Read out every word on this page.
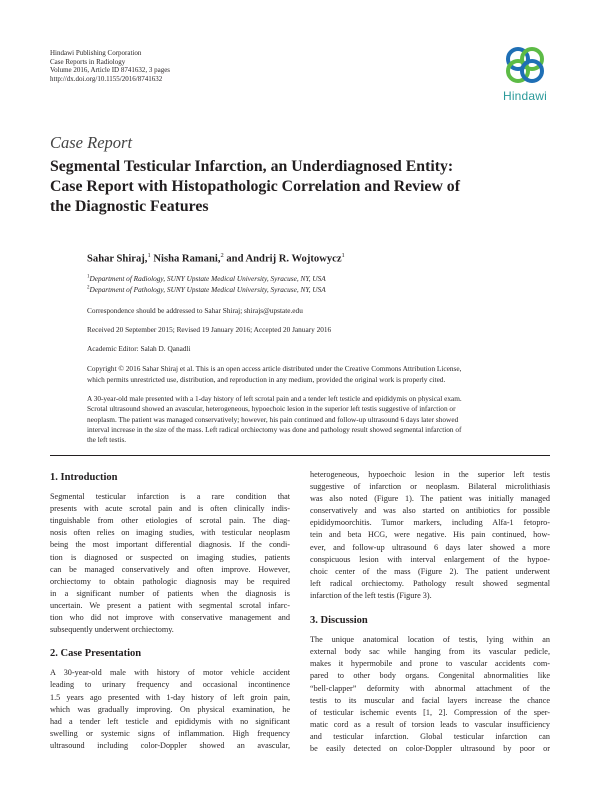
Hindawi Publishing Corporation
Case Reports in Radiology
Volume 2016, Article ID 8741632, 3 pages
http://dx.doi.org/10.1155/2016/8741632
Hindawi
Case Report
Segmental Testicular Infarction, an Underdiagnosed Entity:
Case Report with Histopathologic Correlation and Review of
the Diagnostic Features
Sahar Shiraj,$^1$ Nisha Ramani,$^2$ and Andrij R. Wojtowycz$^1$
$^1$Department of Radiology, SUNY Upstate Medical University, Syracuse, NY, USA
$^2$Department of Pathology, SUNY Upstate Medical University, Syracuse, NY, USA
Correspondence should be addressed to Sahar Shiraj; shirajs@upstate.edu
Received 20 September 2015; Revised 19 January 2016; Accepted 20 January 2016
Academic Editor: Salah D. Qanadli
Copyright © 2016 Sahar Shiraj et al. This is an open access article distributed under the Creative Commons Attribution License,
which permits unrestricted use, distribution, and reproduction in any medium, provided the original work is properly cited.
A 30-year-old male presented with a 1-day history of left scrotal pain and a tender left testicle and epididymis on physical exam.
Scrotal ultrasound showed an avascular, heterogeneous, hypoechoic lesion in the superior left testis suggestive of infarction or
neoplasm. The patient was managed conservatively; however, his pain continued and follow-up ultrasound 6 days later showed
interval increase in the size of the mass. Left radical orchiectomy was done and pathology result showed segmental infarction of
the left testis.
1. Introduction
Segmental testicular infarction is a rare condition that
presents with acute scrotal pain and is often clinically indis-
tinguishable from other etiologies of scrotal pain. The diag-
nosis often relies on imaging studies, with testicular neoplasm
being the most important differential diagnosis. If the condi-
tion is diagnosed or suspected on imaging studies, patients
can be managed conservatively and often improve. However,
orchiectomy to obtain pathologic diagnosis may be required
in a significant number of patients when the diagnosis is
uncertain. We present a patient with segmental scrotal infarc-
tion who did not improve with conservative management and
subsequently underwent orchiectomy.
2. Case Presentation
A 30-year-old male with history of motor vehicle accident
leading to urinary frequency and occasional incontinence
1.5 years ago presented with 1-day history of left groin pain,
which was gradually improving. On physical examination, he
had a tender left testicle and epididymis with no significant
swelling or systemic signs of inflammation. High frequency
ultrasound including color-Doppler showed an avascular,
heterogeneous, hypoechoic lesion in the superior left testis
suggestive of infarction or neoplasm. Bilateral microlithiasis
was also noted (Figure 1). The patient was initially managed
conservatively and was also started on antibiotics for possible
epididymoorchitis. Tumor markers, including Alfa-1 fetopro-
tein and beta HCG, were negative. His pain continued, how-
ever, and follow-up ultrasound 6 days later showed a more
conspicuous lesion with interval enlargement of the hypoe-
choic center of the mass (Figure 2). The patient underwent
left radical orchiectomy. Pathology result showed segmental
infarction of the left testis (Figure 3).
3. Discussion
The unique anatomical location of testis, lying within an
external body sac while hanging from its vascular pedicle,
makes it hypermobile and prone to vascular accidents com-
pared to other body organs. Congenital abnormalities like
“bell-clapper” deformity with abnormal attachment of the
testis to its muscular and facial layers increase the chance
of testicular ischemic events [1, 2]. Compression of the sper-
matic cord as a result of torsion leads to vascular insufficiency
and testicular infarction. Global testicular infarction can
be easily detected on color-Doppler ultrasound by poor or
